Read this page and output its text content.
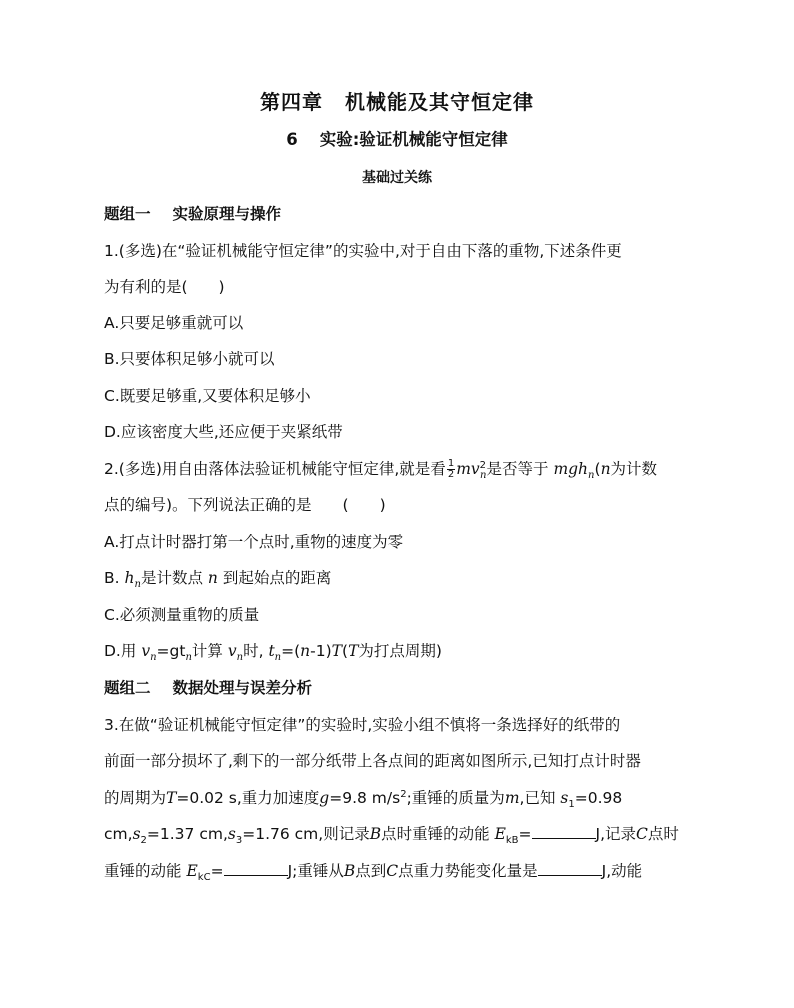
第四章 机械能及其守恒定律
6 实验:验证机械能守恒定律
基础过关练
题组一 实验原理与操作
1.(多选)在“验证机械能守恒定律”的实验中,对于自由下落的重物,下述条件更
为有利的是(　　)
A.只要足够重就可以
B.只要体积足够小就可以
C.既要足够重,又要体积足够小
D.应该密度大些,还应便于夹紧纸带
2.(多选)用自由落体法验证机械能守恒定律,就是看 $\frac{1}{2} mv^2_n$是否等于 mgh$_n$(n为计数
点的编号)。下列说法正确的是　　(　　)
A.打点计时器打第一个点时,重物的速度为零
B. $h_n$是计数点 n 到起始点的距离
C.必须测量重物的质量
D.用 $v_n=gt_n$计算 $v_n$时, $t_n=(n-1)T(T$为打点周期)
题组二 数据处理与误差分析
3.在做“验证机械能守恒定律”的实验时,实验小组不慎将一条选择好的纸带的
前面一部分损坏了,剩下的一部分纸带上各点间的距离如图所示,已知打点计时器
的周期为T=0.02 s,重力加速度g=9.8 $m/s^2$;重锤的质量为m,已知 $s_1=0.98$
$cm,s_2=1.37$ $cm,s_3=1.76$ cm,则记录B点时重锤的动能 $E_{kB}=$	J,记录C点时
重锤的动能 $E_{kC}=$	J;重锤从B点到C点重力势能变化量是	J,动能
